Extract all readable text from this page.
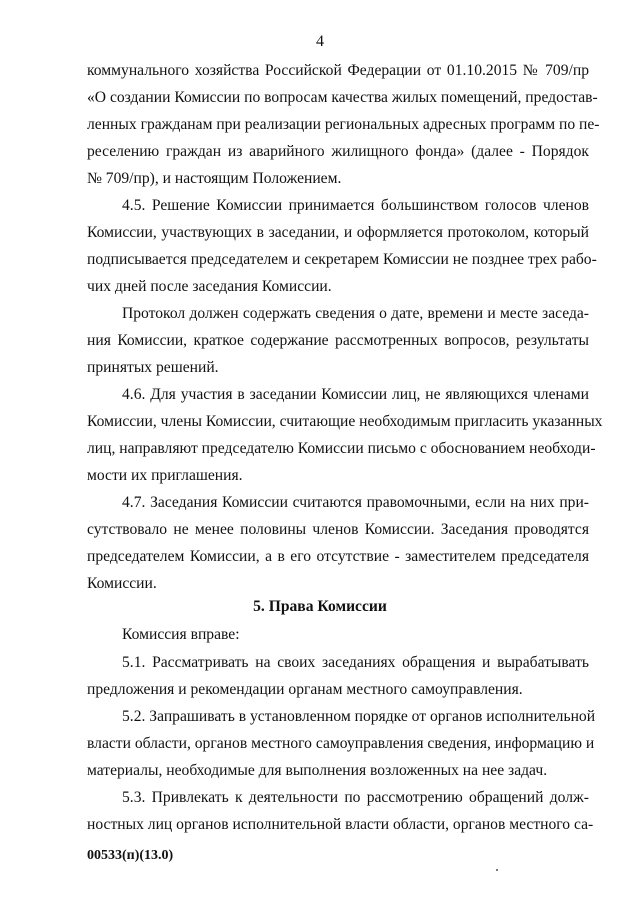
4
коммунального хозяйства Российской Федерации от 01.10.2015 № 709/пр
«О создании Комиссии по вопросам качества жилых помещений, предостав-
ленных гражданам при реализации региональных адресных программ по пе-
реселению граждан из аварийного жилищного фонда» (далее - Порядок
№ 709/пр), и настоящим Положением.
4.5. Решение Комиссии принимается большинством голосов членов
Комиссии, участвующих в заседании, и оформляется протоколом, который
подписывается председателем и секретарем Комиссии не позднее трех рабо-
чих дней после заседания Комиссии.
Протокол должен содержать сведения о дате, времени и месте заседа-
ния Комиссии, краткое содержание рассмотренных вопросов, результаты
принятых решений.
4.6. Для участия в заседании Комиссии лиц, не являющихся членами
Комиссии, члены Комиссии, считающие необходимым пригласить указанных
лиц, направляют председателю Комиссии письмо с обоснованием необходи-
мости их приглашения.
4.7. Заседания Комиссии считаются правомочными, если на них при-
сутствовало не менее половины членов Комиссии. Заседания проводятся
председателем Комиссии, а в его отсутствие - заместителем председателя
Комиссии.
5. Права Комиссии
Комиссия вправе:
5.1. Рассматривать на своих заседаниях обращения и вырабатывать
предложения и рекомендации органам местного самоуправления.
5.2. Запрашивать в установленном порядке от органов исполнительной
власти области, органов местного самоуправления сведения, информацию и
материалы, необходимые для выполнения возложенных на нее задач.
5.3. Привлекать к деятельности по рассмотрению обращений долж-
ностных лиц органов исполнительной власти области, органов местного са-
00533(п)(13.0)
